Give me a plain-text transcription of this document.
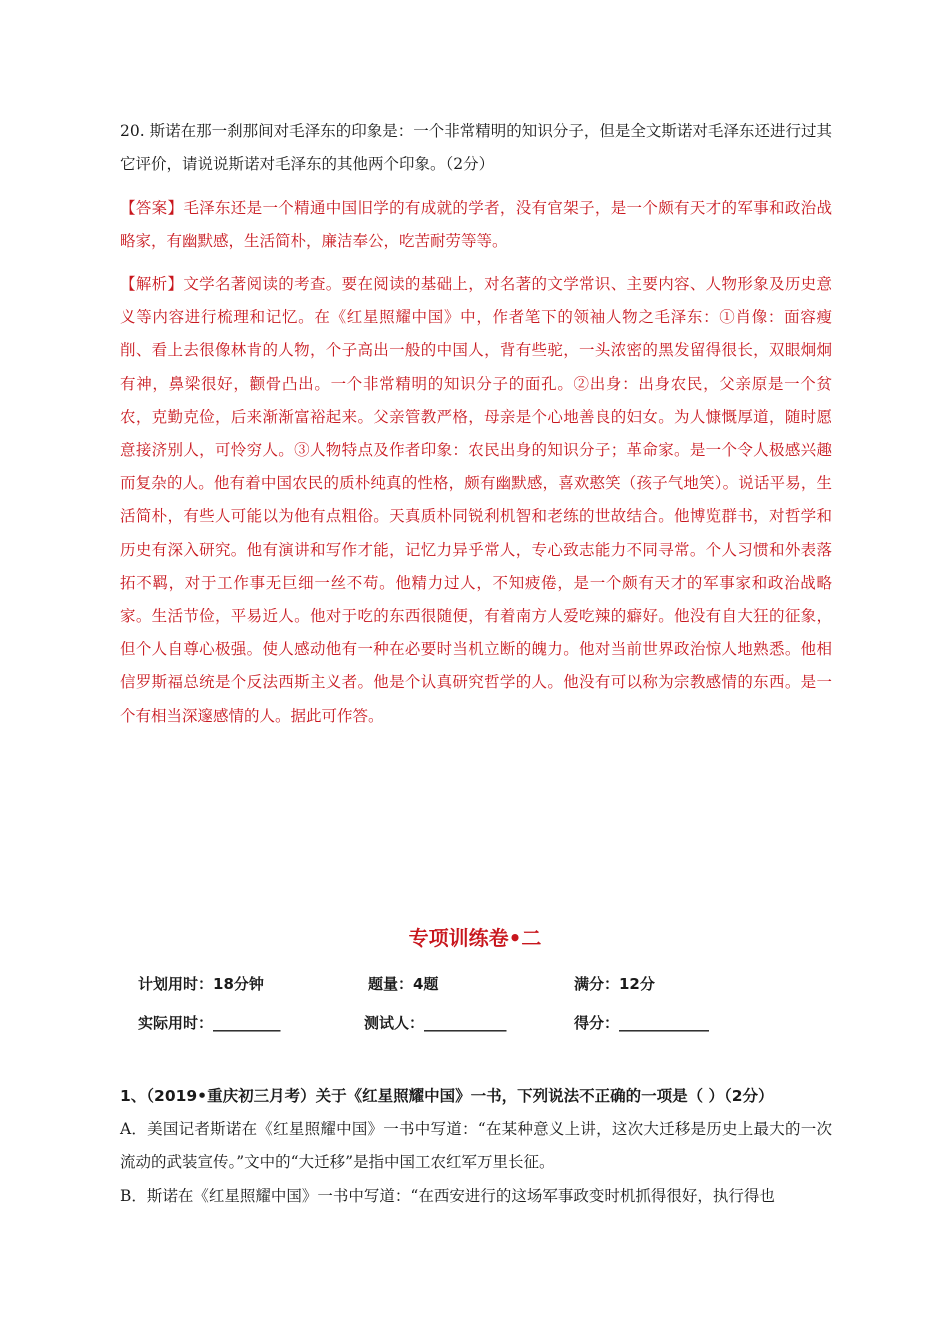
20. 斯诺在那一刹那间对毛泽东的印象是：一个非常精明的知识分子，但是全文斯诺对毛泽东还进行过其它评价，请说说斯诺对毛泽东的其他两个印象。（2分）

【答案】毛泽东还是一个精通中国旧学的有成就的学者，没有官架子，是一个颇有天才的军事和政治战略家，有幽默感，生活简朴，廉洁奉公，吃苦耐劳等等。

【解析】文学名著阅读的考查。要在阅读的基础上，对名著的文学常识、主要内容、人物形象及历史意义等内容进行梳理和记忆。在《红星照耀中国》中，作者笔下的领袖人物之毛泽东：①肖像：面容瘦削、看上去很像林肯的人物，个子高出一般的中国人，背有些驼，一头浓密的黑发留得很长，双眼炯炯有神，鼻梁很好，颧骨凸出。一个非常精明的知识分子的面孔。②出身：出身农民，父亲原是一个贫农，克勤克俭，后来渐渐富裕起来。父亲管教严格，母亲是个心地善良的妇女。为人慷慨厚道，随时愿意接济别人，可怜穷人。③人物特点及作者印象：农民出身的知识分子；革命家。是一个令人极感兴趣而复杂的人。他有着中国农民的质朴纯真的性格，颇有幽默感，喜欢憨笑（孩子气地笑）。说话平易，生活简朴，有些人可能以为他有点粗俗。天真质朴同锐利机智和老练的世故结合。他博览群书，对哲学和历史有深入研究。他有演讲和写作才能，记忆力异乎常人，专心致志能力不同寻常。个人习惯和外表落拓不羁，对于工作事无巨细一丝不苟。他精力过人，不知疲倦，是一个颇有天才的军事家和政治战略家。生活节俭，平易近人。他对于吃的东西很随便，有着南方人爱吃辣的癖好。他没有自大狂的征象，但个人自尊心极强。使人感动他有一种在必要时当机立断的魄力。他对当前世界政治惊人地熟悉。他相信罗斯福总统是个反法西斯主义者。他是个认真研究哲学的人。他没有可以称为宗教感情的东西。是一个有相当深邃感情的人。据此可作答。

专项训练卷•二
计划用时：18分钟	题量：4题	满分：12分
实际用时：_________	测试人：___________	得分：____________

1、（2019•重庆初三月考）关于《红星照耀中国》一书，下列说法不正确的一项是（ ）（2分）

A．美国记者斯诺在《红星照耀中国》一书中写道：“在某种意义上讲，这次大迁移是历史上最大的一次流动的武装宣传。”文中的“大迁移”是指中国工农红军万里长征。

B．斯诺在《红星照耀中国》一书中写道：“在西安进行的这场军事政变时机抓得很好，执行得也
